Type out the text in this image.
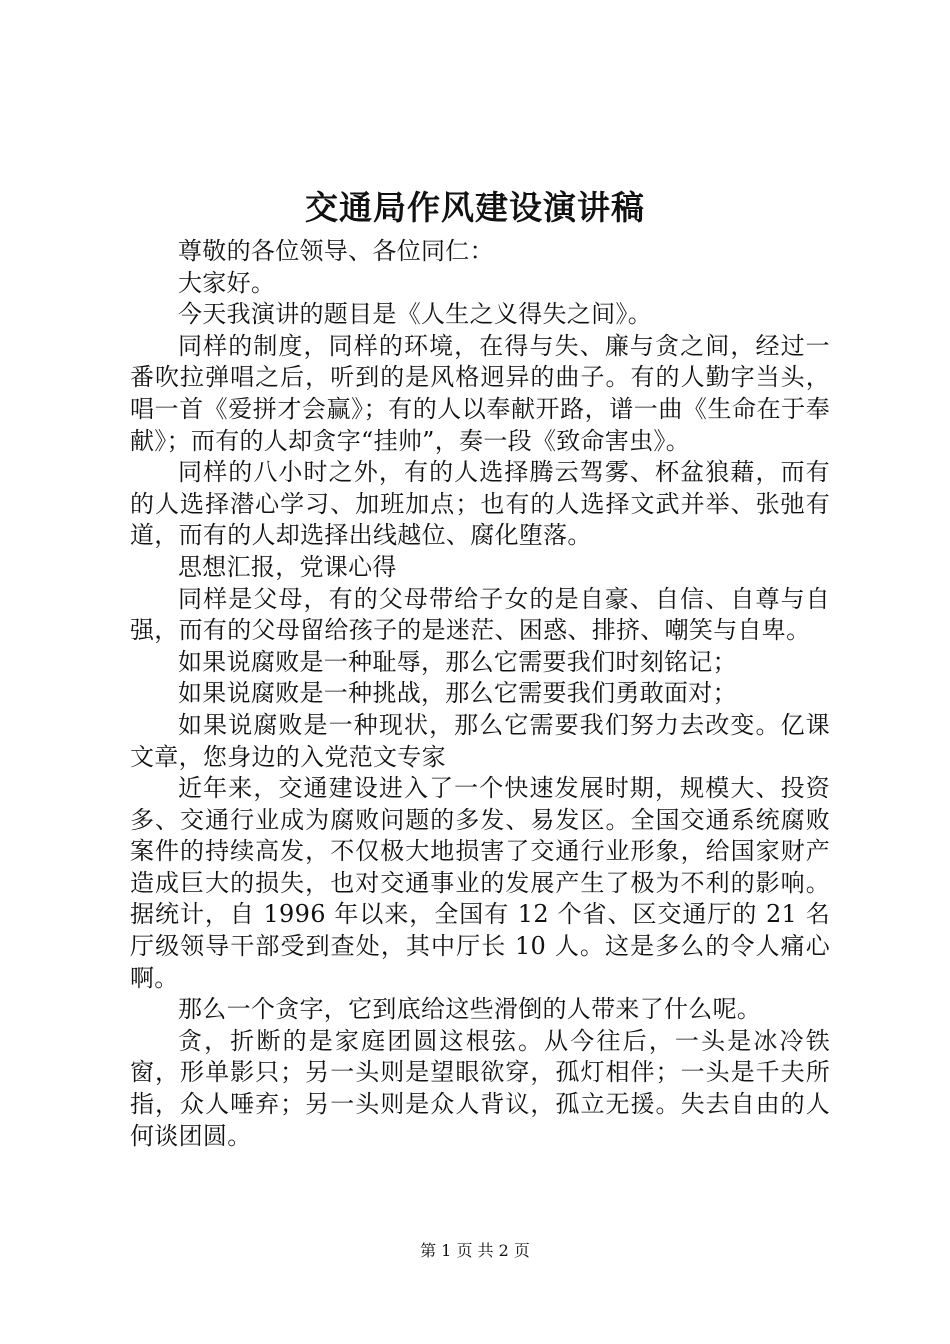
交通局作风建设演讲稿

尊敬的各位领导、各位同仁：

大家好。

今天我演讲的题目是《人生之义得失之间》。

同样的制度，同样的环境，在得与失、廉与贪之间，经过一番吹拉弹唱之后，听到的是风格迥异的曲子。有的人勤字当头，唱一首《爱拼才会赢》；有的人以奉献开路，谱一曲《生命在于奉献》；而有的人却贪字“挂帅”，奏一段《致命害虫》。

同样的八小时之外，有的人选择腾云驾雾、杯盆狼藉，而有的人选择潜心学习、加班加点；也有的人选择文武并举、张弛有道，而有的人却选择出线越位、腐化堕落。

思想汇报，党课心得

同样是父母，有的父母带给子女的是自豪、自信、自尊与自强，而有的父母留给孩子的是迷茫、困惑、排挤、嘲笑与自卑。

如果说腐败是一种耻辱，那么它需要我们时刻铭记；

如果说腐败是一种挑战，那么它需要我们勇敢面对；

如果说腐败是一种现状，那么它需要我们努力去改变。亿课文章，您身边的入党范文专家

近年来，交通建设进入了一个快速发展时期，规模大、投资多、交通行业成为腐败问题的多发、易发区。全国交通系统腐败案件的持续高发，不仅极大地损害了交通行业形象，给国家财产造成巨大的损失，也对交通事业的发展产生了极为不利的影响。据统计，自 1996 年以来，全国有 12 个省、区交通厅的 21 名厅级领导干部受到查处，其中厅长 10 人。这是多么的令人痛心啊。

那么一个贪字，它到底给这些滑倒的人带来了什么呢。

贪，折断的是家庭团圆这根弦。从今往后，一头是冰冷铁窗，形单影只；另一头则是望眼欲穿，孤灯相伴；一头是千夫所指，众人唾弃；另一头则是众人背议，孤立无援。失去自由的人何谈团圆。

第 1 页 共 2 页
